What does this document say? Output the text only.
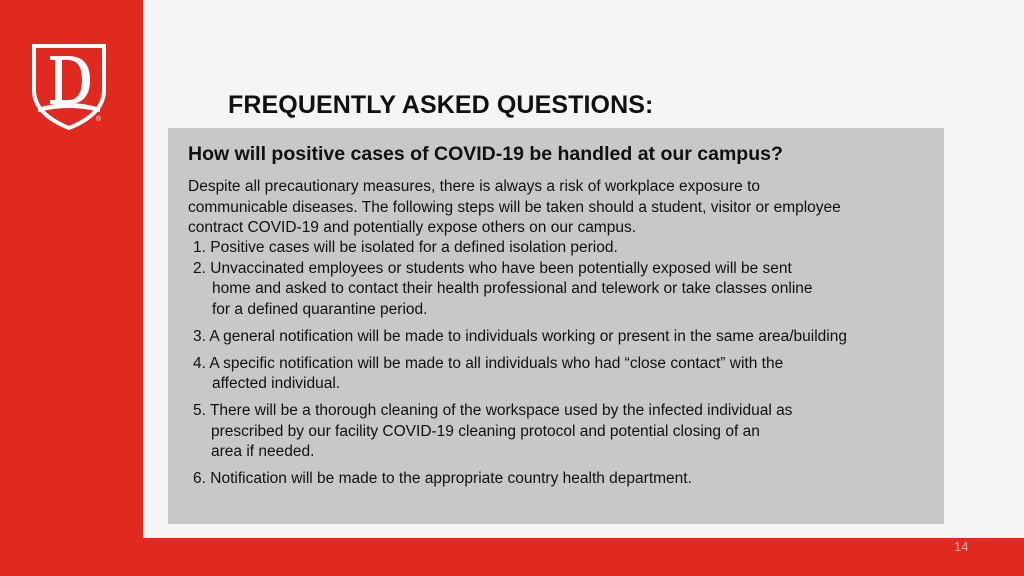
®
FREQUENTLY ASKED QUESTIONS:
How will positive cases of COVID-19 be handled at our campus?

Despite all precautionary measures, there is always a risk of workplace exposure to
communicable diseases. The following steps will be taken should a student, visitor or employee
contract COVID-19 and potentially expose others on our campus.

1. Positive cases will be isolated for a defined isolation period.

2. Unvaccinated employees or students who have been potentially exposed will be sent

home and asked to contact their health professional and telework or take classes online

for a defined quarantine period.

3. A general notification will be made to individuals working or present in the same area/building

4. A specific notification will be made to all individuals who had “close contact” with the

affected individual.

5. There will be a thorough cleaning of the workspace used by the infected individual as

prescribed by our facility COVID-19 cleaning protocol and potential closing of an

area if needed.

6. Notification will be made to the appropriate country health department.

14
